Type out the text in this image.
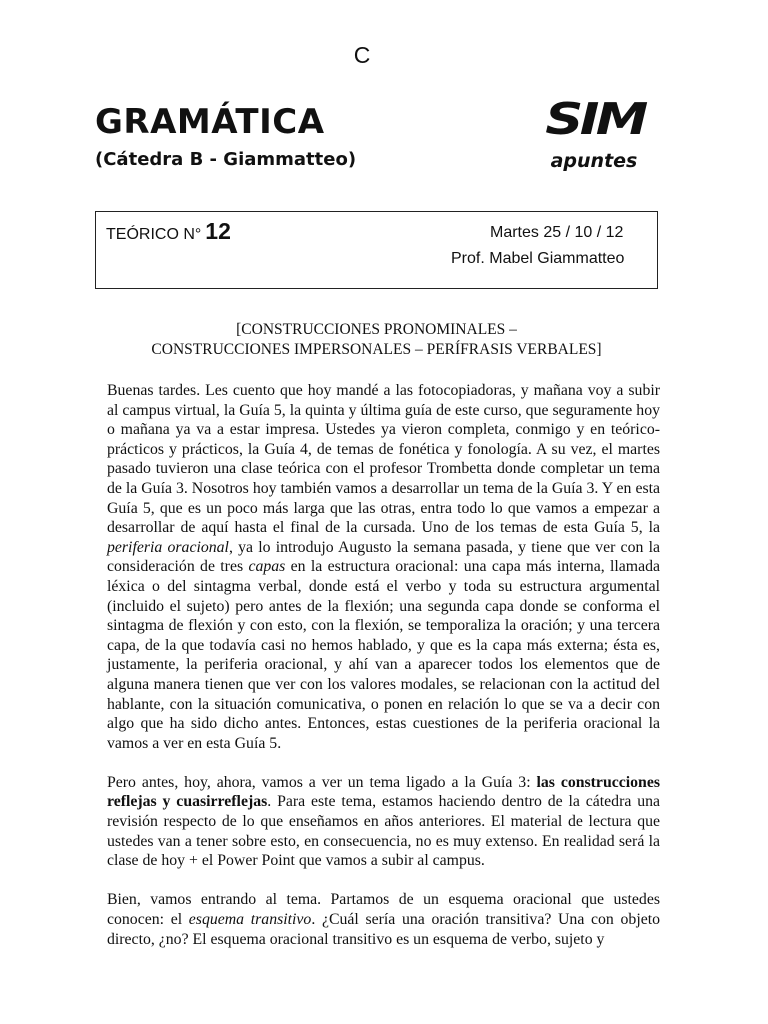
C
GRAMÁTICA
(Cátedra B - Giammatteo)
SIM
apuntes
TEÓRICO N° 12	Martes 25 / 10 / 12
Prof. Mabel Giammatteo
[CONSTRUCCIONES PRONOMINALES –
CONSTRUCCIONES IMPERSONALES – PERÍFRASIS VERBALES]

Buenas tardes. Les cuento que hoy mandé a las fotocopiadoras, y mañana voy a subir al campus virtual, la Guía 5, la quinta y última guía de este curso, que seguramente hoy o mañana ya va a estar impresa. Ustedes ya vieron completa, conmigo y en teórico-prácticos y prácticos, la Guía 4, de temas de fonética y fonología. A su vez, el martes pasado tuvieron una clase teórica con el profesor Trombetta donde completar un tema de la Guía 3. Nosotros hoy también vamos a desarrollar un tema de la Guía 3. Y en esta Guía 5, que es un poco más larga que las otras, entra todo lo que vamos a empezar a desarrollar de aquí hasta el final de la cursada. Uno de los temas de esta Guía 5, la periferia oracional, ya lo introdujo Augusto la semana pasada, y tiene que ver con la consideración de tres capas en la estructura oracional: una capa más interna, llamada léxica o del sintagma verbal, donde está el verbo y toda su estructura argumental (incluido el sujeto) pero antes de la flexión; una segunda capa donde se conforma el sintagma de flexión y con esto, con la flexión, se temporaliza la oración; y una tercera capa, de la que todavía casi no hemos hablado, y que es la capa más externa; ésta es, justamente, la periferia oracional, y ahí van a aparecer todos los elementos que de alguna manera tienen que ver con los valores modales, se relacionan con la actitud del hablante, con la situación comunicativa, o ponen en relación lo que se va a decir con algo que ha sido dicho antes. Entonces, estas cuestiones de la periferia oracional la vamos a ver en esta Guía 5.

Pero antes, hoy, ahora, vamos a ver un tema ligado a la Guía 3: las construcciones reflejas y cuasirreflejas. Para este tema, estamos haciendo dentro de la cátedra una revisión respecto de lo que enseñamos en años anteriores. El material de lectura que ustedes van a tener sobre esto, en consecuencia, no es muy extenso. En realidad será la clase de hoy + el Power Point que vamos a subir al campus.

Bien, vamos entrando al tema. Partamos de un esquema oracional que ustedes conocen: el esquema transitivo. ¿Cuál sería una oración transitiva? Una con objeto directo, ¿no? El esquema oracional transitivo es un esquema de verbo, sujeto y
